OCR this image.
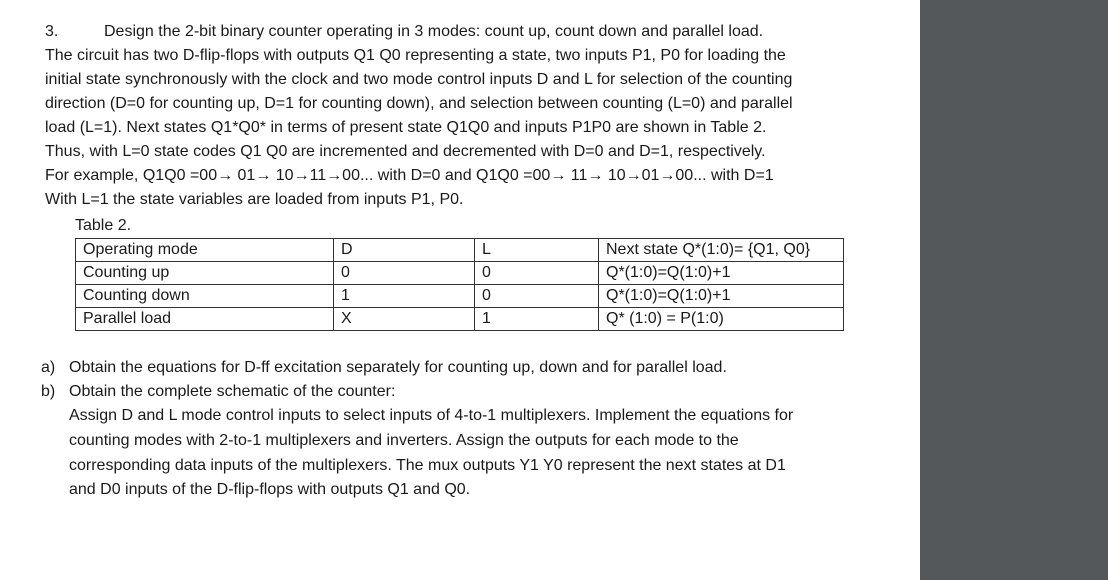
3.	Design the 2-bit binary counter operating in 3 modes: count up, count down and parallel load.
The circuit has two D-flip-flops with outputs Q1 Q0 representing a state, two inputs P1, P0 for loading the
initial state synchronously with the clock and two mode control inputs D and L for selection of the counting
direction (D=0 for counting up, D=1 for counting down), and selection between counting (L=0) and parallel
load (L=1). Next states Q1*Q0* in terms of present state Q1Q0 and inputs P1P0 are shown in Table 2.
Thus, with L=0 state codes Q1 Q0 are incremented and decremented with D=0 and D=1, respectively.
For example, Q1Q0 =00→ 01→ 10→11→00... with D=0 and Q1Q0 =00→ 11→ 10→01→00... with D=1
With L=1 the state variables are loaded from inputs P1, P0.
Table 2.
Operating mode	D	L	Next state Q*(1:0)= {Q1, Q0}
Counting up	0	0	Q*(1:0)=Q(1:0)+1
Counting down	1	0	Q*(1:0)=Q(1:0)+1
Parallel load	X	1	Q* (1:0) = P(1:0)
a) Obtain the equations for D-ff excitation separately for counting up, down and for parallel load.
b) Obtain the complete schematic of the counter:
Assign D and L mode control inputs to select inputs of 4-to-1 multiplexers. Implement the equations for
counting modes with 2-to-1 multiplexers and inverters. Assign the outputs for each mode to the
corresponding data inputs of the multiplexers. The mux outputs Y1 Y0 represent the next states at D1
and D0 inputs of the D-flip-flops with outputs Q1 and Q0.
